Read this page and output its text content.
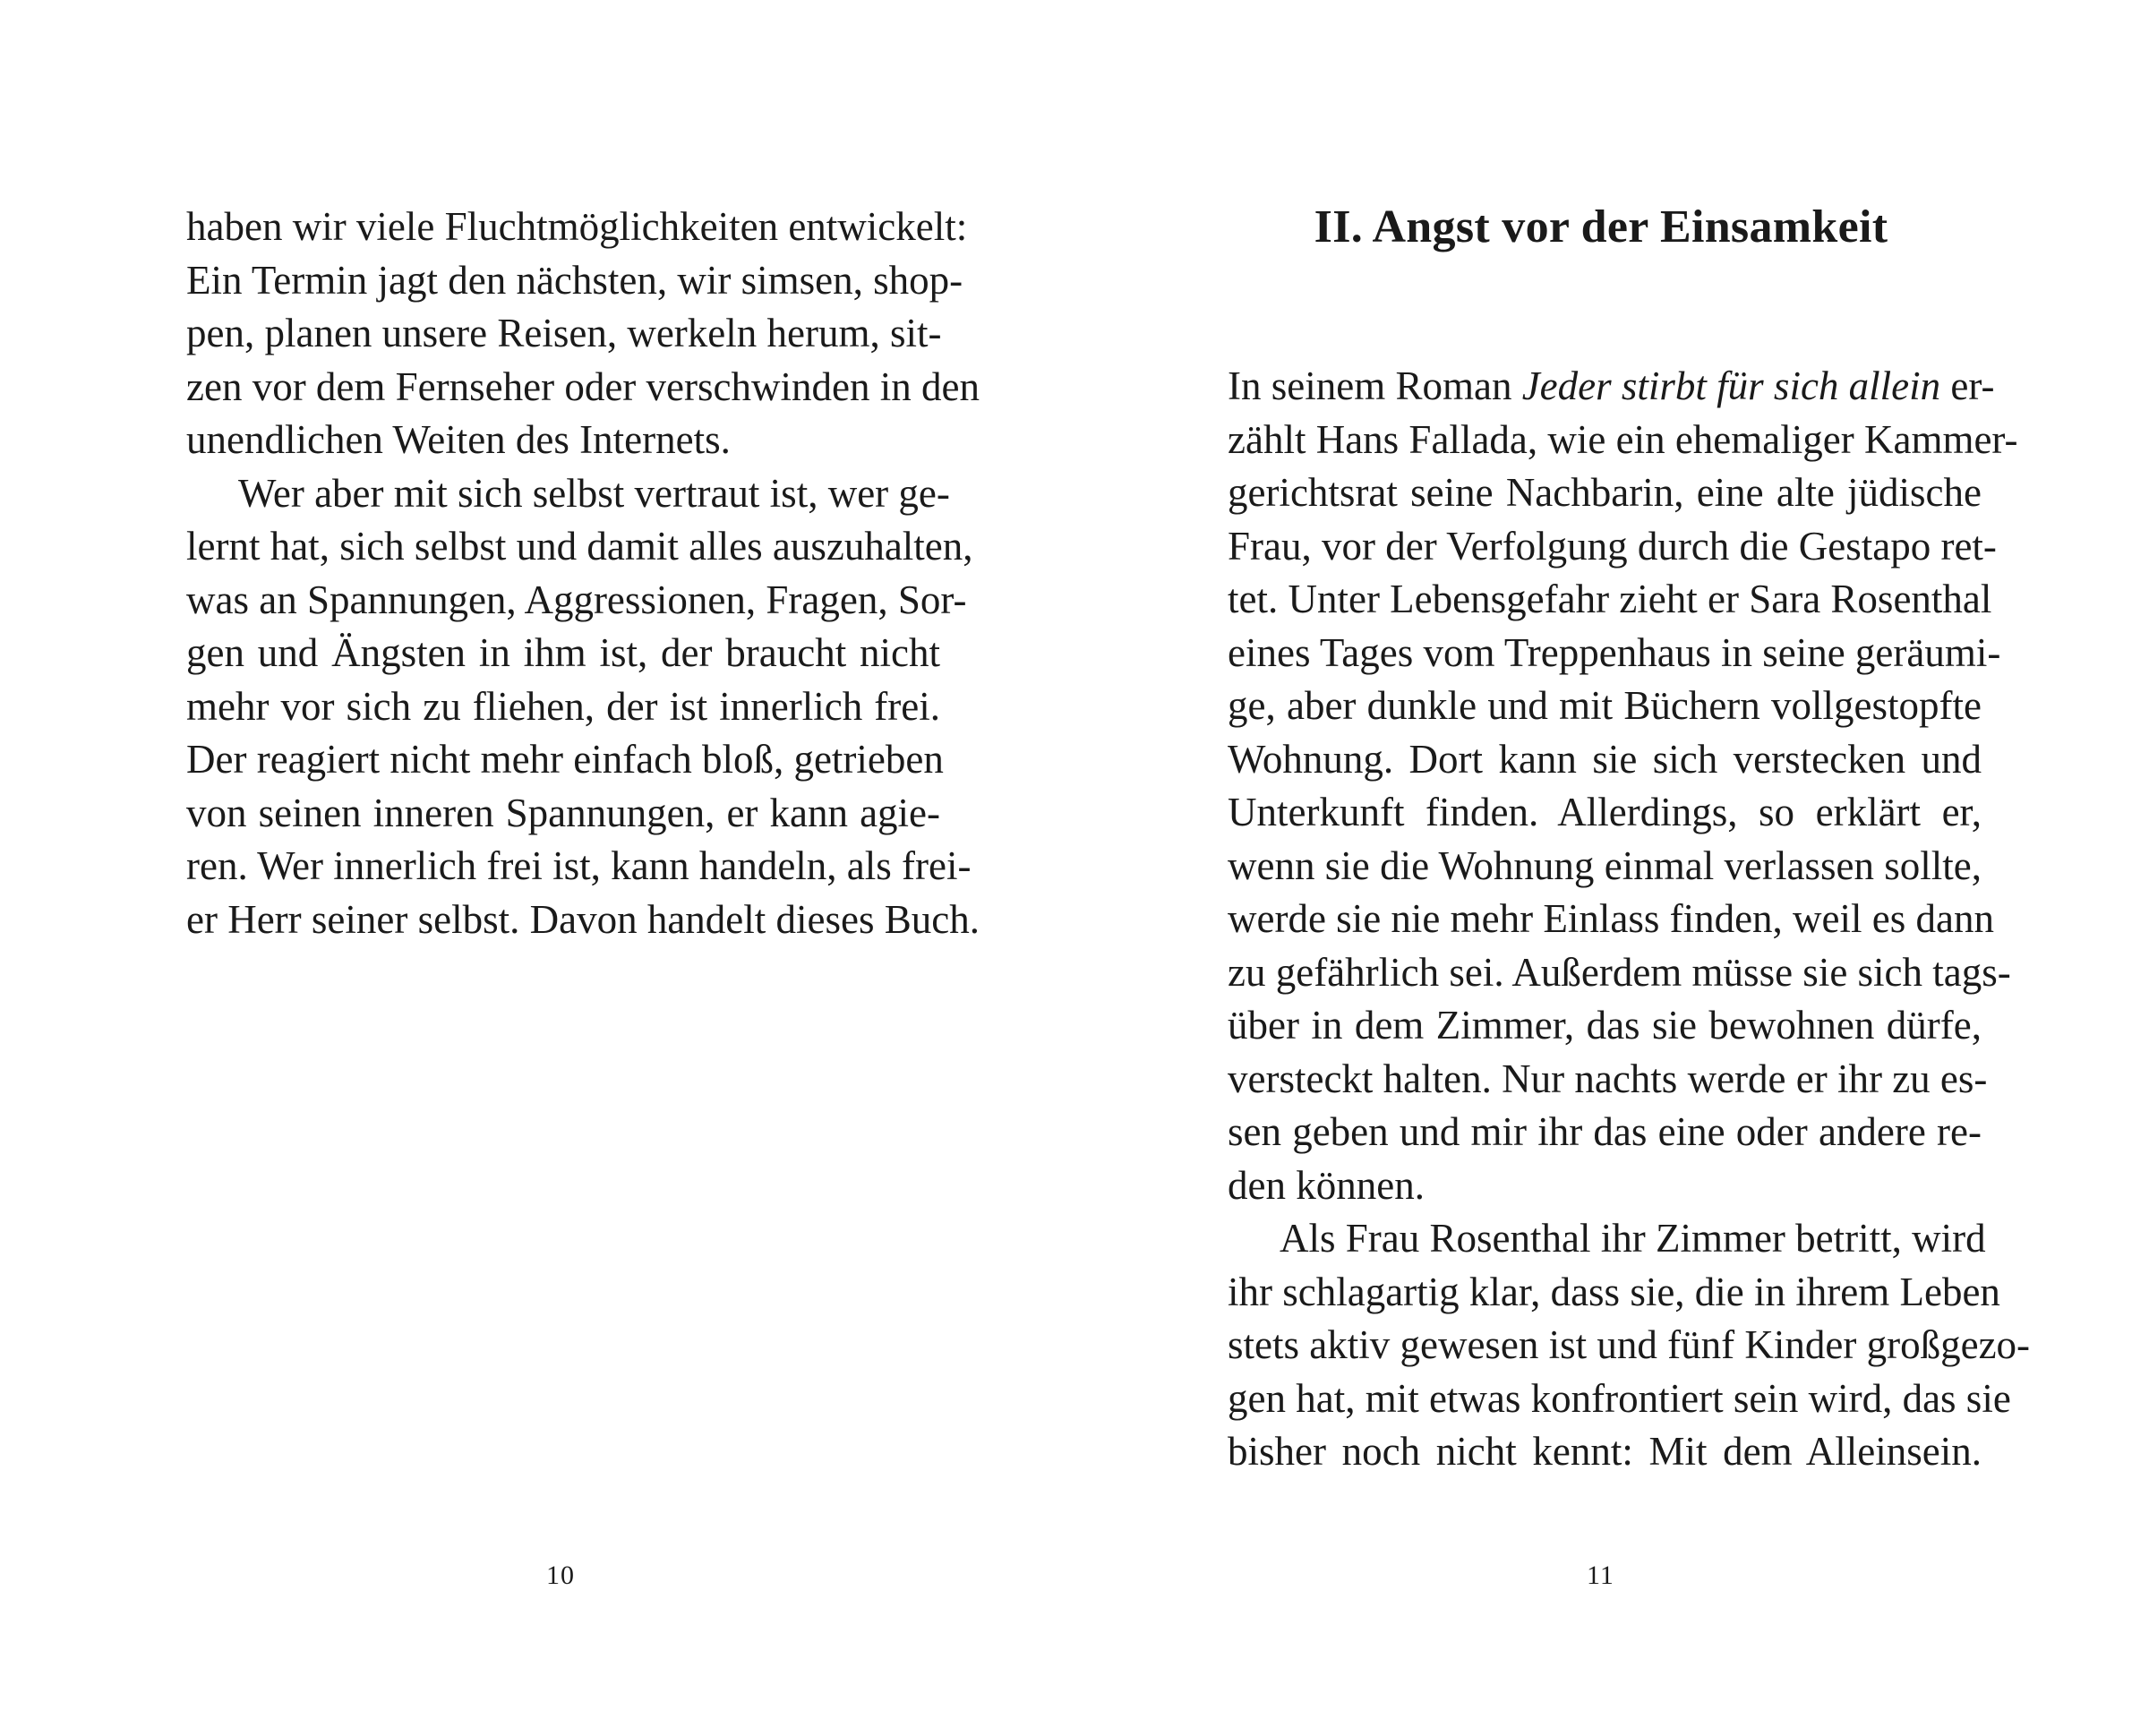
haben wir viele Fluchtmöglichkeiten entwickelt:
Ein Termin jagt den nächsten, wir simsen, shop-
pen, planen unsere Reisen, werkeln herum, sit-
zen vor dem Fernseher oder verschwinden in den
unendlichen Weiten des Internets.
Wer aber mit sich selbst vertraut ist, wer ge-
lernt hat, sich selbst und damit alles auszuhalten,
was an Spannungen, Aggressionen, Fragen, Sor-
gen und Ängsten in ihm ist, der braucht nicht
mehr vor sich zu fliehen, der ist innerlich frei.
Der reagiert nicht mehr einfach bloß, getrieben
von seinen inneren Spannungen, er kann agie-
ren. Wer innerlich frei ist, kann handeln, als frei-
er Herr seiner selbst. Davon handelt dieses Buch.
10
II. Angst vor der Einsamkeit
In seinem Roman Jeder stirbt für sich allein er-
zählt Hans Fallada, wie ein ehemaliger Kammer-
gerichtsrat seine Nachbarin, eine alte jüdische
Frau, vor der Verfolgung durch die Gestapo ret-
tet. Unter Lebensgefahr zieht er Sara Rosenthal
eines Tages vom Treppenhaus in seine geräumi-
ge, aber dunkle und mit Büchern vollgestopfte
Wohnung. Dort kann sie sich verstecken und
Unterkunft finden. Allerdings, so erklärt er,
wenn sie die Wohnung einmal verlassen sollte,
werde sie nie mehr Einlass finden, weil es dann
zu gefährlich sei. Außerdem müsse sie sich tags-
über in dem Zimmer, das sie bewohnen dürfe,
versteckt halten. Nur nachts werde er ihr zu es-
sen geben und mir ihr das eine oder andere re-
den können.
Als Frau Rosenthal ihr Zimmer betritt, wird
ihr schlagartig klar, dass sie, die in ihrem Leben
stets aktiv gewesen ist und fünf Kinder großgezo-
gen hat, mit etwas konfrontiert sein wird, das sie
bisher noch nicht kennt: Mit dem Alleinsein.
11
